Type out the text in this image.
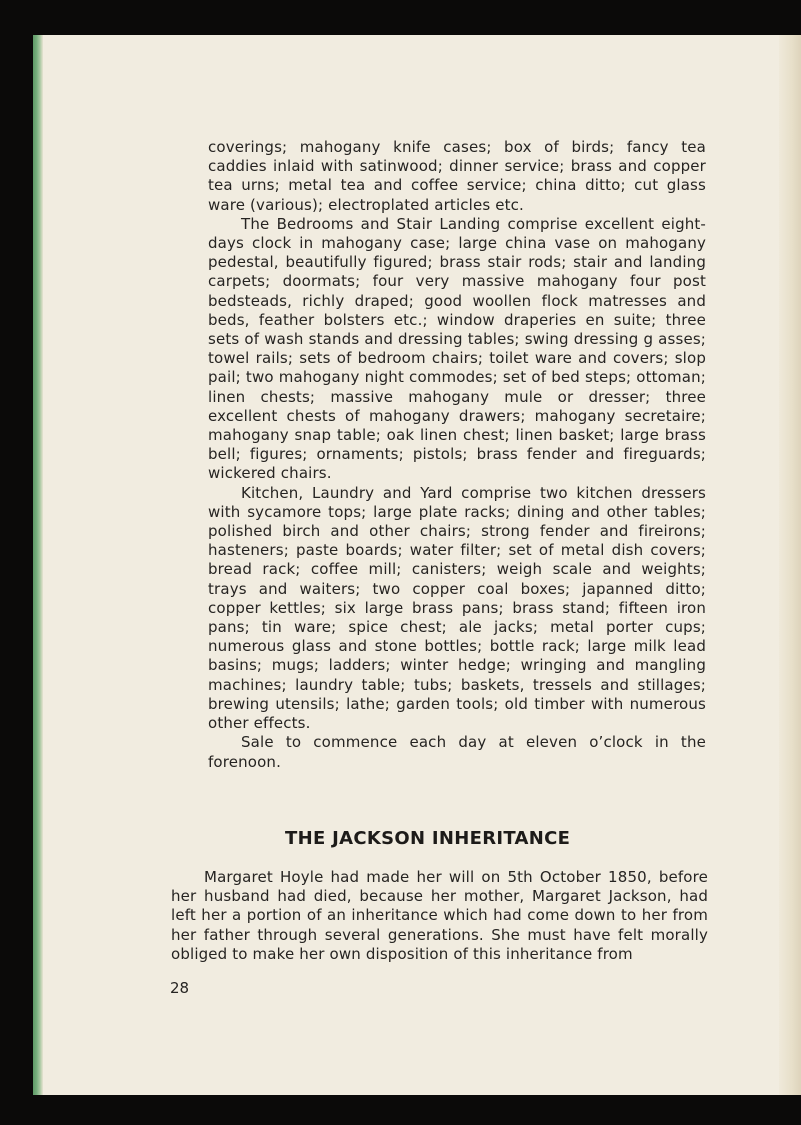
coverings; mahogany knife cases; box of birds; fancy tea caddies inlaid with satinwood; dinner service; brass and copper tea urns; metal tea and coffee service; china ditto; cut glass ware (various); electroplated articles etc.

The Bedrooms and Stair Landing comprise excellent eight-days clock in mahogany case; large china vase on mahogany pedestal, beautifully figured; brass stair rods; stair and landing carpets; doormats; four very massive mahogany four post bedsteads, richly draped; good woollen flock matresses and beds, feather bolsters etc.; window draperies en suite; three sets of wash stands and dressing tables; swing dressing g asses; towel rails; sets of bedroom chairs; toilet ware and covers; slop pail; two mahogany night commodes; set of bed steps; ottoman; linen chests; massive mahogany mule or dresser; three excellent chests of mahogany drawers; mahogany secretaire; mahogany snap table; oak linen chest; linen basket; large brass bell; figures; ornaments; pistols; brass fender and fireguards; wickered chairs.

Kitchen, Laundry and Yard comprise two kitchen dressers with sycamore tops; large plate racks; dining and other tables; polished birch and other chairs; strong fender and fireirons; hasteners; paste boards; water filter; set of metal dish covers; bread rack; coffee mill; canisters; weigh scale and weights; trays and waiters; two copper coal boxes; japanned ditto; copper kettles; six large brass pans; brass stand; fifteen iron pans; tin ware; spice chest; ale jacks; metal porter cups; numerous glass and stone bottles; bottle rack; large milk lead basins; mugs; ladders; winter hedge; wringing and mangling machines; laundry table; tubs; baskets, tressels and stillages; brewing utensils; lathe; garden tools; old timber with numerous other effects.

Sale to commence each day at eleven o’clock in the forenoon.

THE JACKSON INHERITANCE

Margaret Hoyle had made her will on 5th October 1850, before her husband had died, because her mother, Margaret Jackson, had left her a portion of an inheritance which had come down to her from her father through several generations. She must have felt morally obliged to make her own disposition of this inheritance from

28
